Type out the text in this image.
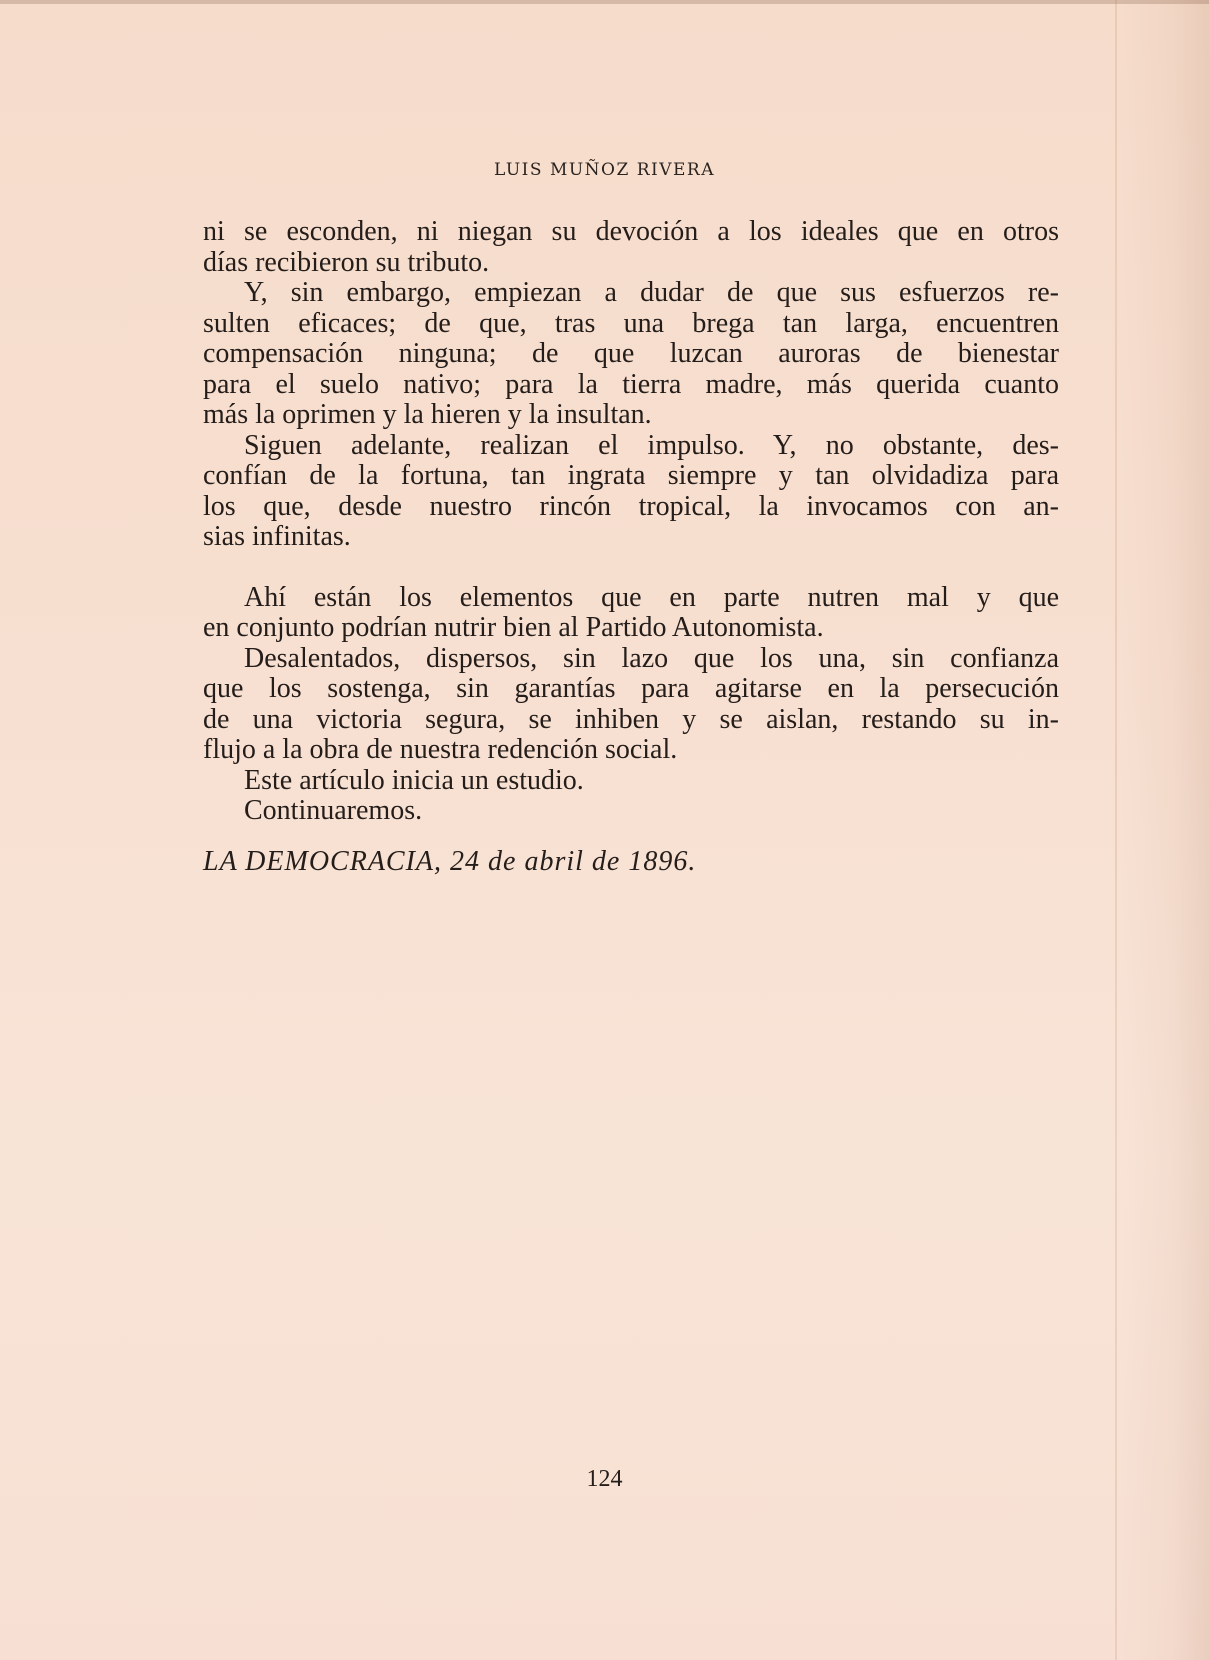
LUIS MUÑOZ RIVERA
ni se esconden, ni niegan su devoción a los ideales que en otros
días recibieron su tributo.
Y, sin embargo, empiezan a dudar de que sus esfuerzos re-
sulten eficaces; de que, tras una brega tan larga, encuentren
compensación ninguna; de que luzcan auroras de bienestar
para el suelo nativo; para la tierra madre, más querida cuanto
más la oprimen y la hieren y la insultan.
Siguen adelante, realizan el impulso. Y, no obstante, des-
confían de la fortuna, tan ingrata siempre y tan olvidadiza para
los que, desde nuestro rincón tropical, la invocamos con an-
sias infinitas.
Ahí están los elementos que en parte nutren mal y que
en conjunto podrían nutrir bien al Partido Autonomista.
Desalentados, dispersos, sin lazo que los una, sin confianza
que los sostenga, sin garantías para agitarse en la persecución
de una victoria segura, se inhiben y se aislan, restando su in-
flujo a la obra de nuestra redención social.
Este artículo inicia un estudio.
Continuaremos.
LA DEMOCRACIA, 24 de abril de 1896.
124
